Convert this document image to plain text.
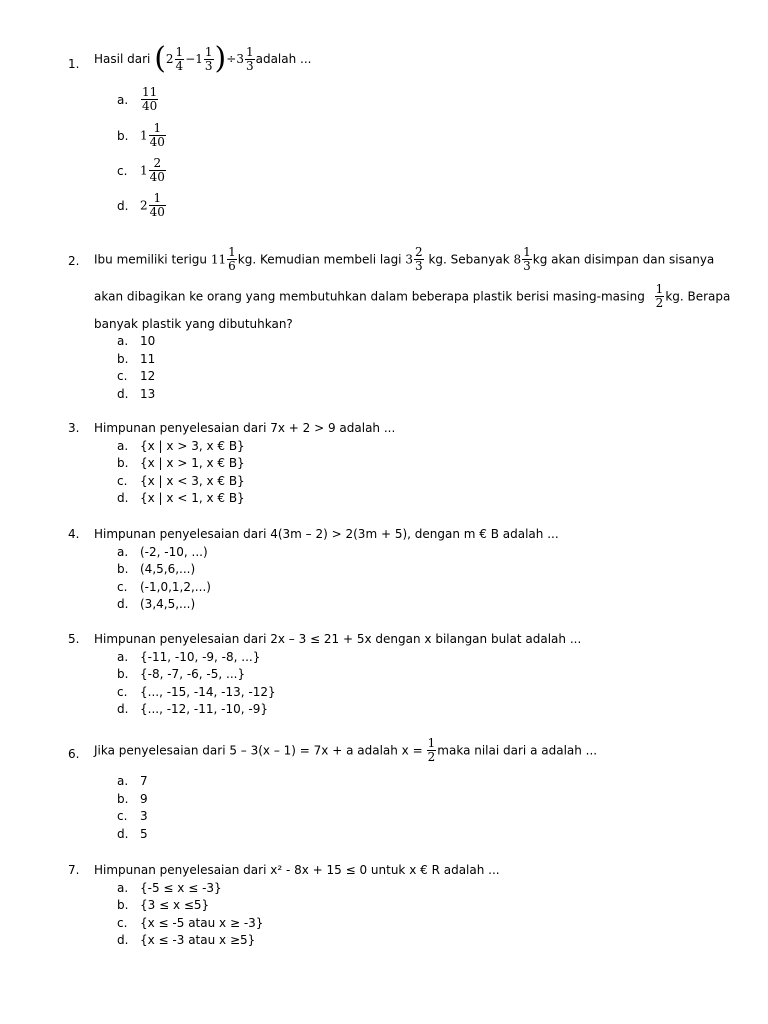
1. Hasil dari $(2 \frac{1}{4} -1 \frac{1}{3} )\div 3 \frac{1}{3}$ adalah ...
a. $\frac{11}{40}$
b. $1 \frac{1}{40}$
c. $1 \frac{2}{40}$
d. $2 \frac{1}{40}$
2. Ibu memiliki terigu $11 \frac{1}{6}$ kg. Kemudian membeli lagi $3 \frac{2}{3}$ kg. Sebanyak $8 \frac{1}{3}$ kg akan disimpan dan sisanya
akan dibagikan ke orang yang membutuhkan dalam beberapa plastik berisi $masing-masing \frac{1}{2}$ kg. Berapa
banyak plastik yang dibutuhkan?
a. 10
b. 11
c. 12
d. 13
3. Himpunan penyelesaian dari 7x + 2 > 9 adalah ...
a. {x | x > 3, x € B}
b. {x | x > 1, x € B}
c. {x | x < 3, x € B}
d. {x | x < 1, x € B}
4. Himpunan penyelesaian dari 4(3m – 2) > 2(3m + 5), dengan m € B adalah ...
a. (-2, -10, ...)
b. (4,5,6,...)
c. (-1,0,1,2,...)
d. (3,4,5,...)
5. Himpunan penyelesaian dari 2x – 3 ≤ 21 + 5x dengan x bilangan bulat adalah ...
a. {-11, -10, -9, -8, ...}
b. {-8, -7, -6, -5, ...}
c. {..., -15, -14, -13, -12}
d. {..., -12, -11, -10, -9}
6. Jika penyelesaian dari 5 – 3(x – 1) = 7x + a adalah $x = \frac{1}{2}$ maka nilai dari a adalah ...
a. 7
b. 9
c. 3
d. 5
7. Himpunan penyelesaian dari x² - 8x + 15 ≤ 0 untuk x € R adalah ...
a. {-5 ≤ x ≤ -3}
b. {3 ≤ x ≤5}
c. {x ≤ -5 atau x ≥ -3}
d. {x ≤ -3 atau x ≥5}
